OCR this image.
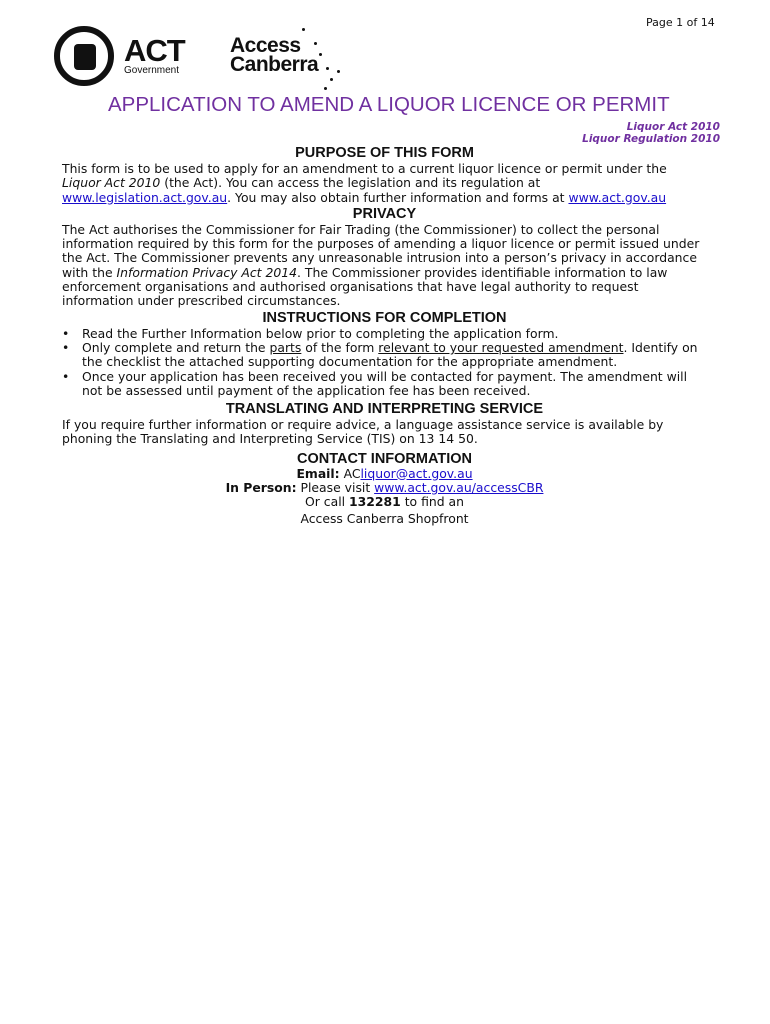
Page 1 of 14
ACT
Government
Access
Canberra
APPLICATION TO AMEND A LIQUOR LICENCE OR PERMIT
Liquor Act 2010
Liquor Regulation 2010
PURPOSE OF THIS FORM

This form is to be used to apply for an amendment to a current liquor licence or permit under the Liquor Act 2010 (the Act). You can access the legislation and its regulation at www.legislation.act.gov.au. You may also obtain further information and forms at www.act.gov.au

PRIVACY

The Act authorises the Commissioner for Fair Trading (the Commissioner) to collect the personal information required by this form for the purposes of amending a liquor licence or permit issued under the Act. The Commissioner prevents any unreasonable intrusion into a person’s privacy in accordance with the Information Privacy Act 2014. The Commissioner provides identifiable information to law enforcement organisations and authorised organisations that have legal authority to request information under prescribed circumstances.

INSTRUCTIONS FOR COMPLETION
• Read the Further Information below prior to completing the application form.
• Only complete and return the parts of the form relevant to your requested amendment. Identify on the checklist the attached supporting documentation for the appropriate amendment.
• Once your application has been received you will be contacted for payment. The amendment will not be assessed until payment of the application fee has been received.
TRANSLATING AND INTERPRETING SERVICE

If you require further information or require advice, a language assistance service is available by phoning the Translating and Interpreting Service (TIS) on 13 14 50.

CONTACT INFORMATION

Email: ACliquor@act.gov.au

In Person: Please visit www.act.gov.au/accessCBR

Or call 132281 to find an

Access Canberra Shopfront
